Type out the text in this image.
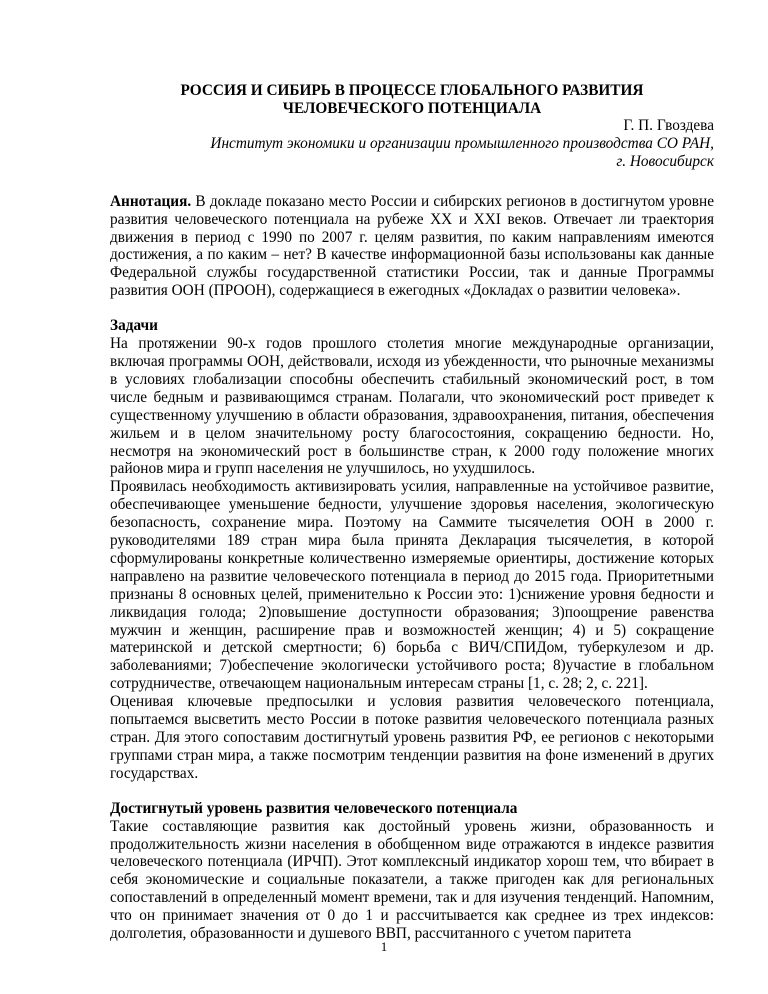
РОССИЯ И СИБИРЬ В ПРОЦЕССЕ ГЛОБАЛЬНОГО РАЗВИТИЯ
ЧЕЛОВЕЧЕСКОГО ПОТЕНЦИАЛА

Г. П. Гвоздева

Институт экономики и организации промышленного производства СО РАН,

г. Новосибирск

Аннотация. В докладе показано место России и сибирских регионов в достигнутом уровне развития человеческого потенциала на рубеже XX и XXI веков. Отвечает ли траектория движения в период с 1990 по 2007 г. целям развития, по каким направлениям имеются достижения, а по каким – нет? В качестве информационной базы использованы как данные Федеральной службы государственной статистики России, так и данные Программы развития ООН (ПРООН), содержащиеся в ежегодных «Докладах о развитии человека».
Задачи

На протяжении 90-х годов прошлого столетия многие международные организации, включая программы ООН, действовали, исходя из убежденности, что рыночные механизмы в условиях глобализации способны обеспечить стабильный экономический рост, в том числе бедным и развивающимся странам. Полагали, что экономический рост приведет к существенному улучшению в области образования, здравоохранения, питания, обеспечения жильем и в целом значительному росту благосостояния, сокращению бедности. Но, несмотря на экономический рост в большинстве стран, к 2000 году положение многих районов мира и групп населения не улучшилось, но ухудшилось.

Проявилась необходимость активизировать усилия, направленные на устойчивое развитие, обеспечивающее уменьшение бедности, улучшение здоровья населения, экологическую безопасность, сохранение мира. Поэтому на Саммите тысячелетия ООН в 2000 г. руководителями 189 стран мира была принята Декларация тысячелетия, в которой сформулированы конкретные количественно измеряемые ориентиры, достижение которых направлено на развитие человеческого потенциала в период до 2015 года. Приоритетными признаны 8 основных целей, применительно к России это: 1)снижение уровня бедности и ликвидация голода; 2)повышение доступности образования; 3)поощрение равенства мужчин и женщин, расширение прав и возможностей женщин; 4) и 5) сокращение материнской и детской смертности; 6) борьба с ВИЧ/СПИДом, туберкулезом и др. заболеваниями; 7)обеспечение экологически устойчивого роста; 8)участие в глобальном сотрудничестве, отвечающем национальным интересам страны [1, с. 28; 2, с. 221].

Оценивая ключевые предпосылки и условия развития человеческого потенциала, попытаемся высветить место России в потоке развития человеческого потенциала разных стран. Для этого сопоставим достигнутый уровень развития РФ, ее регионов с некоторыми группами стран мира, а также посмотрим тенденции развития на фоне изменений в других государствах.

Достигнутый уровень развития человеческого потенциала

Такие составляющие развития как достойный уровень жизни, образованность и продолжительность жизни населения в обобщенном виде отражаются в индексе развития человеческого потенциала (ИРЧП). Этот комплексный индикатор хорош тем, что вбирает в себя экономические и социальные показатели, а также пригоден как для региональных сопоставлений в определенный момент времени, так и для изучения тенденций. Напомним, что он принимает значения от 0 до 1 и рассчитывается как среднее из трех индексов: долголетия, образованности и душевого ВВП, рассчитанного с учетом паритета

1
